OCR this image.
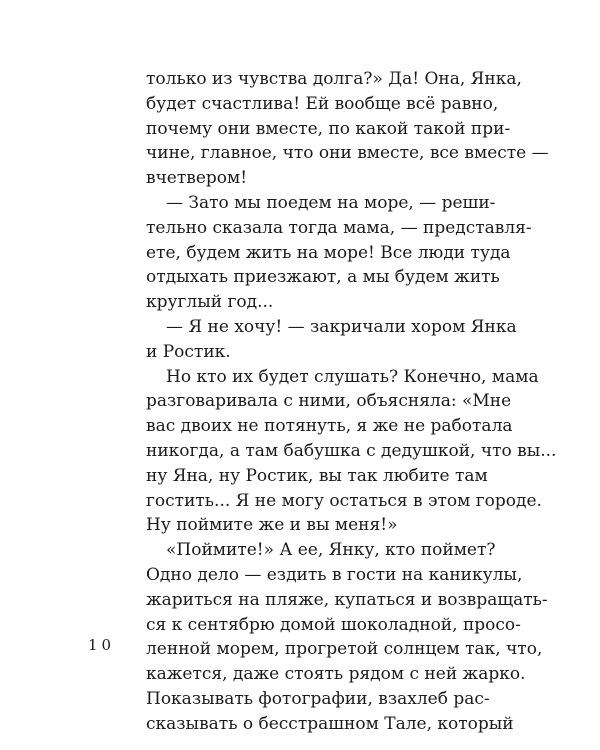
только из чувства долга?» Да! Она, Янка,
будет счастлива! Ей вообще всё равно,
почему они вместе, по какой такой при-
чине, главное, что они вместе, все вместе —
вчетвером!
— Зато мы поедем на море, — реши-
тельно сказала тогда мама, — представля-
ете, будем жить на море! Все люди туда
отдыхать приезжают, а мы будем жить
круглый год...
— Я не хочу! — закричали хором Янка
и Ростик.
Но кто их будет слушать? Конечно, мама
разговаривала с ними, объясняла: «Мне
вас двоих не потянуть, я же не работала
никогда, а там бабушка с дедушкой, что вы...
ну Яна, ну Ростик, вы так любите там
гостить... Я не могу остаться в этом городе.
Ну поймите же и вы меня!»
«Поймите!» А ее, Янку, кто поймет?
Одно дело — ездить в гости на каникулы,
жариться на пляже, купаться и возвращать-
ся к сентябрю домой шоколадной, просо-
ленной морем, прогретой солнцем так, что,
кажется, даже стоять рядом с ней жарко.
Показывать фотографии, взахлеб рас-
сказывать о бесстрашном Тале, который
10
